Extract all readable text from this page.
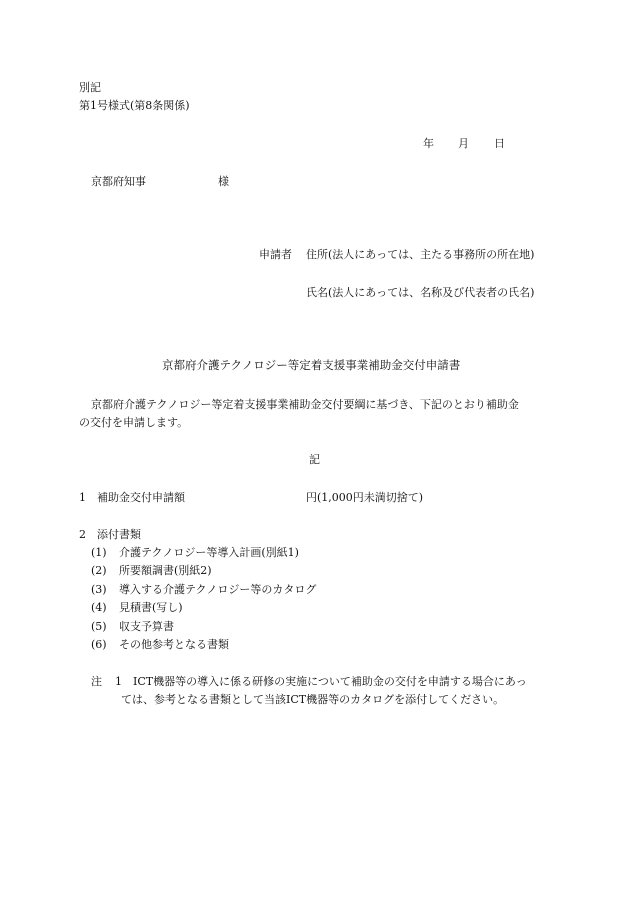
別記
第1号様式(第8条関係)
年 月 日
京都府知事	様
申請者 住所(法人にあっては、主たる事務所の所在地)
氏名(法人にあっては、名称及び代表者の氏名)
京都府介護テクノロジー等定着支援事業補助金交付申請書
京都府介護テクノロジー等定着支援事業補助金交付要綱に基づき、下記のとおり補助金
の交付を申請します。
記
1 補助金交付申請額	円(1,000円未満切捨て)
2 添付書類
(1) 介護テクノロジー等導入計画(別紙1)
(2) 所要額調書(別紙2)
(3) 導入する介護テクノロジー等のカタログ
(4) 見積書(写し)
(5) 収支予算書
(6) その他参考となる書類
注 1 ICT機器等の導入に係る研修の実施について補助金の交付を申請する場合にあっ
ては、参考となる書類として当該ICT機器等のカタログを添付してください。
